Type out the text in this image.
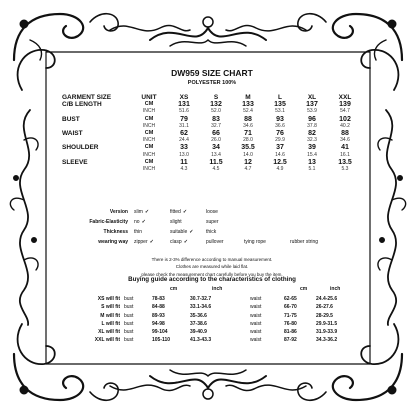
DW959 SIZE CHART
POLYESTER 100%
GARMENT SIZE	UNIT	XS	S	M	L	XL	XXL
C/B LENGTH	CM	131	132	133	135	137	139
	INCH	51.6	52.0	52.4	53.1	53.9	54.7
BUST	CM	79	83	88	93	96	102
	INCH	31.1	32.7	34.6	36.6	37.8	40.2
WAIST	CM	62	66	71	76	82	88
	INCH	24.4	26.0	28.0	29.9	32.3	34.6
SHOULDER	CM	33	34	35.5	37	39	41
	INCH	13.0	13.4	14.0	14.6	15.4	16.1
SLEEVE	CM	11	11.5	12	12.5	13	13.5
	INCH	4.3	4.5	4.7	4.9	5.1	5.3
Version slim ✓	fitted ✓	loose
Fabric-Elasticity no ✓	slight	super
Thickness thin	suitable ✓	thick
wearing way zipper ✓	clasp ✓	pullover	tying rope	rubber string
There is 2-3% difference according to manual measurement.
Clothes are measured while laid flat.
please check the measurement chart carefully before you buy the item.
Buying guide according to the characteristics of clothing
cm	inch	cm	inch
XS will fit	bust	78-83	30.7-32.7	waist	62-65	24.4-25.6
S will fit	bust	84-88	33.1-34.6	waist	66-70	26-27.6
M will fit	bust	89-93	35-36.6	waist	71-75	28-29.5
L will fit	bust	94-98	37-38.6	waist	76-80	29.9-31.5
XL will fit	bust	99-104	39-40.9	waist	81-86	31.9-33.9
XXL will fit	bust	105-110	41.3-43.3	waist	87-92	34.3-36.2
